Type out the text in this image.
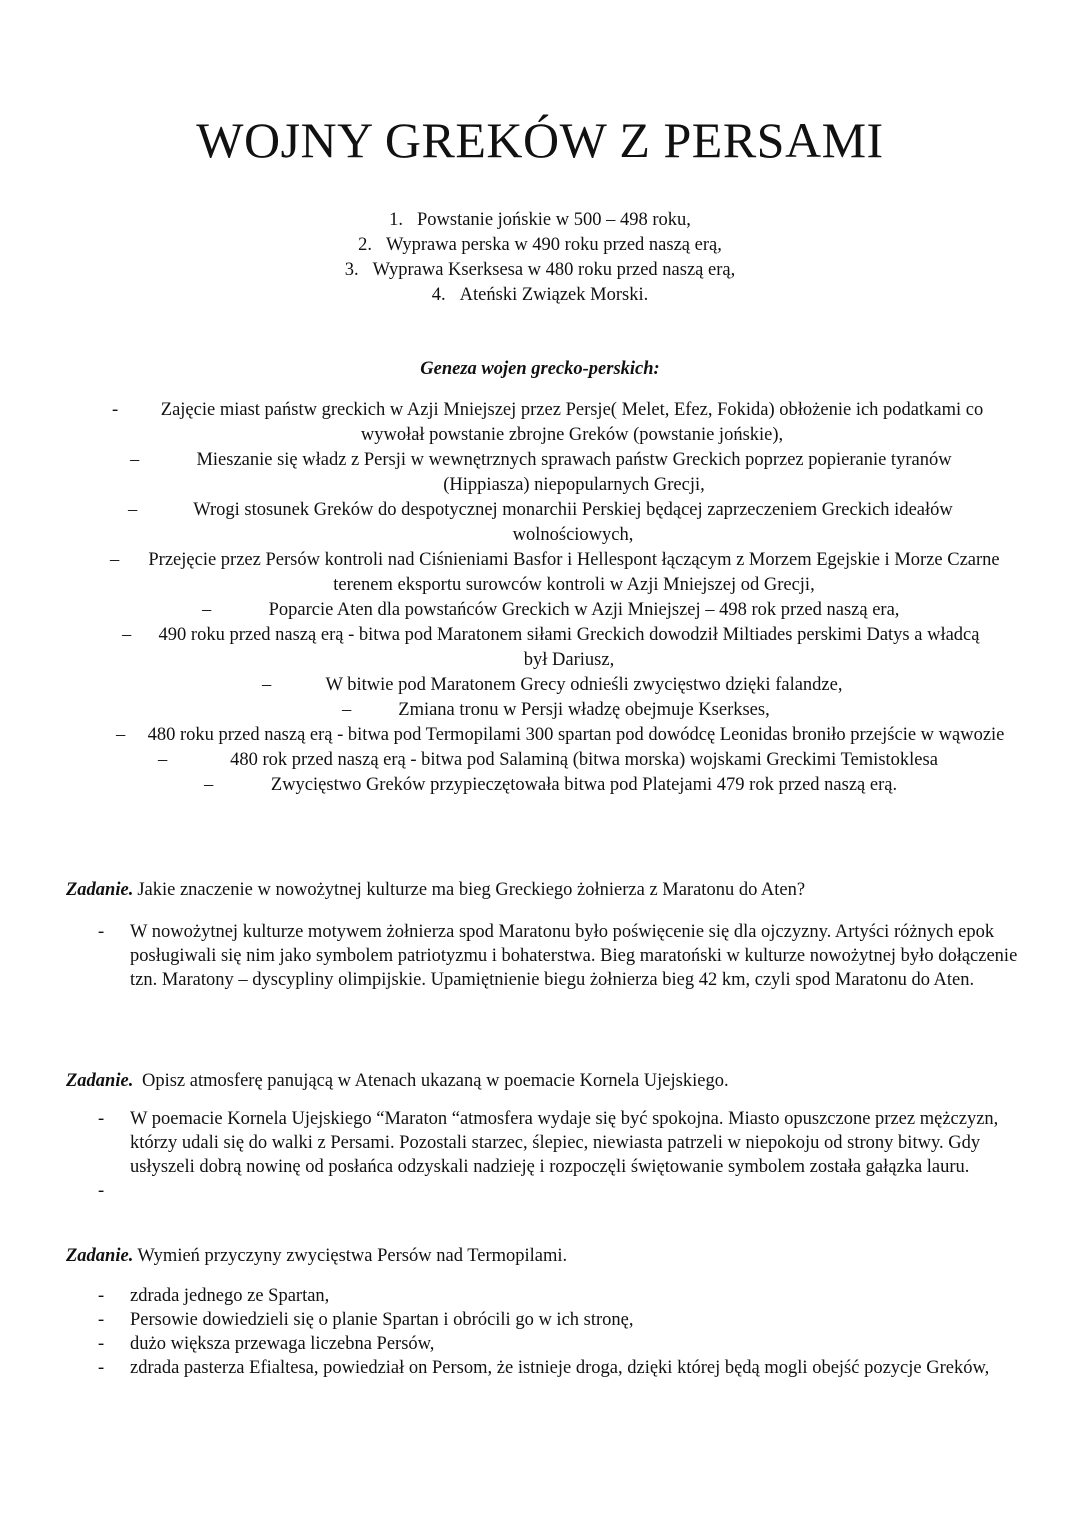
WOJNY GREKÓW Z PERSAMI
1. Powstanie jońskie w 500 – 498 roku,
2. Wyprawa perska w 490 roku przed naszą erą,
3. Wyprawa Kserksesa w 480 roku przed naszą erą,
4. Ateński Związek Morski.
Geneza wojen grecko-perskich:
- Zajęcie miast państw greckich w Azji Mniejszej przez Persje( Melet, Efez, Fokida) obłożenie ich podatkami co wywołał powstanie zbrojne Greków (powstanie jońskie),
–	Mieszanie się władz z Persji w wewnętrznych sprawach państw Greckich poprzez popieranie tyranów (Hippiasza) niepopularnych Grecji,
–	Wrogi stosunek Greków do despotycznej monarchii Perskiej będącej zaprzeczeniem Greckich ideałów wolnościowych,
– Przejęcie przez Persów kontroli nad Ciśnieniami Basfor i Hellespont łączącym z Morzem Egejskie i Morze Czarne terenem eksportu surowców kontroli w Azji Mniejszej od Grecji,
–	Poparcie Aten dla powstańców Greckich w Azji Mniejszej – 498 rok przed naszą era,
– 490 roku przed naszą erą - bitwa pod Maratonem siłami Greckich dowodził Miltiades perskimi Datys a władcą był Dariusz,
–	W bitwie pod Maratonem Grecy odnieśli zwycięstwo dzięki falandze,
–	Zmiana tronu w Persji władzę obejmuje Kserkses,
– 480 roku przed naszą erą - bitwa pod Termopilami 300 spartan pod dowódcę Leonidas broniło przejście w wąwozie
–	480 rok przed naszą erą - bitwa pod Salaminą (bitwa morska) wojskami Greckimi Temistoklesa
–	Zwycięstwo Greków przypieczętowała bitwa pod Platejami 479 rok przed naszą erą.
Zadanie. Jakie znaczenie w nowożytnej kulturze ma bieg Greckiego żołnierza z Maratonu do Aten?
- W nowożytnej kulturze motywem żołnierza spod Maratonu było poświęcenie się dla ojczyzny. Artyści różnych epok posługiwali się nim jako symbolem patriotyzmu i bohaterstwa. Bieg maratoński w kulturze nowożytnej było dołączenie tzn. Maratony – dyscypliny olimpijskie. Upamiętnienie biegu żołnierza bieg 42 km, czyli spod Maratonu do Aten.
Zadanie. Opisz atmosferę panującą w Atenach ukazaną w poemacie Kornela Ujejskiego.
- W poemacie Kornela Ujejskiego “Maraton “atmosfera wydaje się być spokojna. Miasto opuszczone przez mężczyzn, którzy udali się do walki z Persami. Pozostali starzec, ślepiec, niewiasta patrzeli w niepokoju od strony bitwy. Gdy usłyszeli dobrą nowinę od posłańca odzyskali nadzieję i rozpoczęli świętowanie symbolem została gałązka lauru.
-
Zadanie. Wymień przyczyny zwycięstwa Persów nad Termopilami.
- zdrada jednego ze Spartan,
- Persowie dowiedzieli się o planie Spartan i obrócili go w ich stronę,
- dużo większa przewaga liczebna Persów,
- zdrada pasterza Efialtesa, powiedział on Persom, że istnieje droga, dzięki której będą mogli obejść pozycje Greków,
